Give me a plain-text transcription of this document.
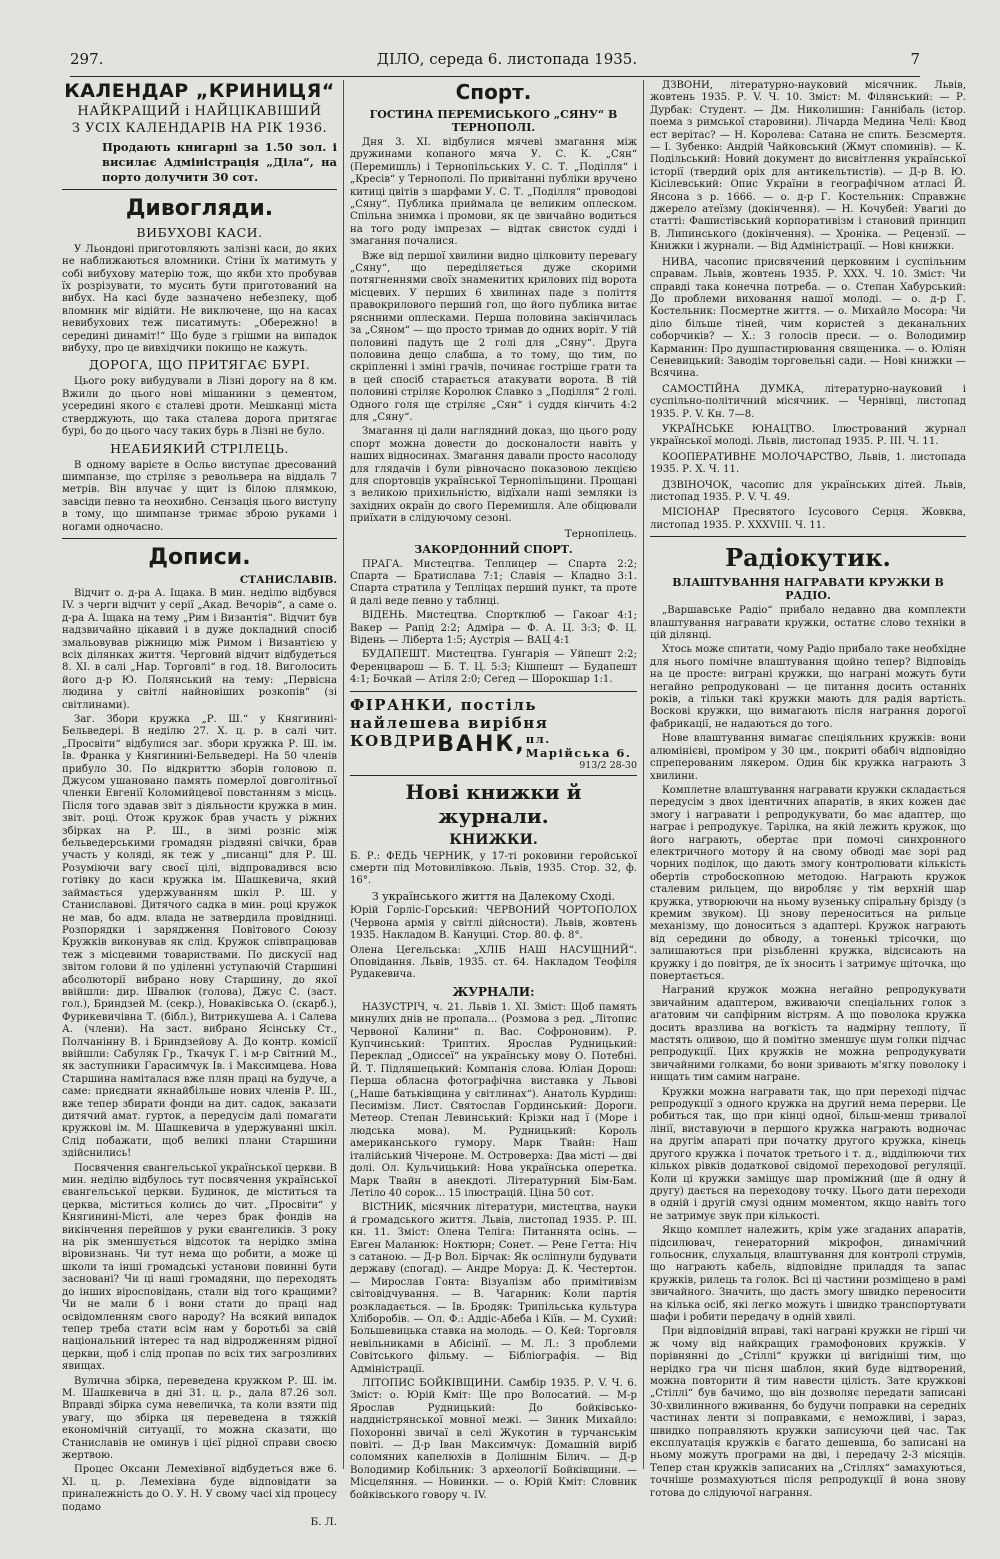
297.	ДІЛО, середа 6. листопада 1935.	7
КАЛЕНДАР „КРИНИЦЯ“
НАЙКРАЩИЙ і НАЙЦІКАВІШИЙ
З УСІХ КАЛЕНДАРІВ НА РІК 1936.
Продають книгарні за 1.50 зол. і висилає Адміністрація „Діла“, на порто долучити 30 сот.
Дивогляди.
ВИБУХОВІ КАСИ.

У Льондоні приготовляють залізні каси, до яких не наближаються вломники. Стіни їх матимуть у собі вибухову матерію тож, що якби хто пробував їх розрізувати, то мусить бути приготований на вибух. На касі буде зазначено небезпеку, щоб вломник міг відійти. Не виключене, що на касах невибухових теж писатимуть: „Обережно! в середині динаміт!“ Що буде з грішми на випадок вибуху, про це вивхідчики покищо не кажуть.

ДОРОГА, ЩО ПРИТЯГАЄ БУРІ.

Цього року вибудували в Лізні дорогу на 8 км. Вжили до цього нові мішанини з цементом, усередині якого є сталеві дроти. Мешканці міста стверджують, що така сталева дорога притягає бурі, бо до цього часу таких бурь в Лізні не було.

НЕАБИЯКИЙ СТРІЛЕЦЬ.

В одному варієте в Осльо виступає дресований шимпанзе, що стріляє з револьвера на віддаль 7 метрів. Він влучає у щит із білою плямкою, завсіди певно та неохибно. Сензація цього виступу в тому, що шимпанзе тримає зброю руками і ногами одночасно.

Дописи.
СТАНИСЛАВІВ.

Відчит о. д-ра А. Іщака. В мин. неділю відбувся IV. з черги відчит у серії „Акад. Вечорів“, а саме о. д-ра А. Іщака на тему „Рим і Византія“. Відчит був надзвичайно цікавий і в дуже докладний спосіб змальовував ріжницю між Римом і Византією у всіх ділянках життя. Черговий відчит відбудеться 8. XI. в салі „Нар. Торговлі“ в год. 18. Виголосить його д-р Ю. Полянський на тему: „Первісна людина у світлі найновіших розкопів“ (зі світлинами).

Заг. Збори кружка „Р. Ш.“ у Княгинині-Бельведері. В неділю 27. X. ц. р. в салі чит. „Просвіти“ відбулися заг. збори кружка Р. Ш. ім. Ів. Франка у Княгинині-Бельведері. На 50 членів прибуло 30. По відкриттю зборів головою п. Джусом ушановано память померлої довголітньої членки Евгенії Коломийцевої повстанням з місць. Після того здавав звіт з діяльности кружка в мин. звіт. році. Отож кружок брав участь у ріжних збірках на Р. Ш., в зимі розніс між бельведерськими громадян різдвяні свічки, брав участь у коляді, як теж у „писанці“ для Р. Ш. Розуміючи вагу своєї цілі, відпровадився всю готівку до каси кружка ім. Шашкевича, який займається удержуванням шкіл Р. Ш. у Станиславові. Дитячого садка в мин. році кружок не мав, бо адм. влада не затвердила провідниці. Розпорядки і зарядження Повітового Союзу Кружків виконував як слід. Кружок співпрацював теж з місцевими товариствами. По дискусії над звітом голови й по уділенні уступаючій Старшині абсолюторії вибрано нову Старшину, до якої ввійшли: дир. Швалюк (голова), Джус С. (заст. гол.), Бриндзей М. (секр.), Новаківська О. (скарб.), Фурикевичівна Т. (бібл.), Витрикушева А. і Салева А. (члени). На заст. вибрано Ясінську Ст., Полчанінну В. і Бриндзейову А. До контр. комісії ввійшли: Сабуляк Гр., Ткачук Г. і м-р Світний М., як заступники Гарасимчук Ів. і Максимцева. Нова Старшина наміталася вже плян праці на будуче, а саме: приєднати якнайбільше нових членів Р. Ш., вже тепер збирати фонди на дит. садок, заказати дитячий амат. гурток, а передусім далі помагати кружкові ім. М. Шашкевича в удержуванні шкіл. Слід побажати, щоб великі плани Старшини здійснились!

Посвячення євангельської української церкви. В мин. неділю відбулось тут посвячення української євангельської церкви. Будинок, де міститься та церква, міститься колись до чит. „Просвіти“ у Княгинині-Місті, але через брак фондів на викінчення перейшов у руки євангеликів. З року на рік зменшується відсоток та нерідко зміна віровизнань. Чи тут нема що робити, а може ці школи та інші громадські установи повинні бути засновані? Чи ці наші громадяни, що переходять до інших віросповідань, стали від того кращими? Чи не мали б і вони стати до праці над освідомленням свого народу? На всякий випадок тепер треба стати всім нам у боротьбі за свій національний інтерес та над відродженням рідної церкви, щоб і слід пропав по всіх тих загрозливих явищах.

Вулична збірка, переведена кружком Р. Ш. ім. М. Шашкевича в дні 31. ц. р., дала 87.26 зол. Вправді збірка сума невеличка, та коли взяти під увагу, що збірка ця переведена в тяжкій економічній ситуації, то можна сказати, що Станиславів не оминув і цієї рідної справи своєю жертвою.

Процес Оксани Лемехівної відбудеться вже 6. XI. ц. р. Лемехівна буде відповідати за приналежність до О. У. Н. У свому часі хід процесу подамо

Б. Л.
Спорт.
ГОСТИНА ПЕРЕМИСЬКОГО „СЯНУ“ В ТЕРНОПОЛІ.

Дня 3. XI. відбулися мячеві змагання між дружинами копаного мяча У. С. К. „Сян“ (Перемишль) і Тернопільських У. С. Т. „Поділля“ і „Кресів“ у Тернополі. По привітанні публіки вручено китиці цвітів з шарфами У. С. Т. „Поділля“ проводові „Сяну“. Публика приймала це великим оплеском. Спільна знимка і промови, як це звичайно водиться на того роду імпрезах — відтак свисток судді і змагання почалися.

Вже від першої хвилини видно цілковиту перевагу „Сяну“, що переділяється дуже скорими потягненнями своїх знаменитих крилових під ворота місцевих. У перших 6 хвилинах паде з поліття правокрилового перший гол, що його публика витає ряснними оплесками. Перша половина закінчилась за „Сяном“ — що просто тримав до одних воріт. У тій половині падуть ще 2 голі для „Сяну“. Друга половина дещо слабша, а то тому, що тим, по скріпленні і зміні грачів, починає гостріше грати та в цей спосіб старається атакувати ворота. В тій половині стріляє Королюк Славко з „Поділля“ 2 голі. Одного голя ще стріляє „Сян“ і суддя кінчить 4:2 для „Сяну“.

Змагання ці дали наглядний доказ, що цього роду спорт можна довести до досконалости навіть у наших відносинах. Змагання давали просто насолоду для глядачів і були рівночасно показовою лекцією для спортовців української Тернопільщини. Прощані з великою прихильністю, відїхали наші земляки із західних окраїн до свого Перемишля. Але обіцювали приїхати в слідуючому сезоні.

Тернопілець.
ЗАКОРДОННИЙ СПОРТ.

ПРАГА. Мистецтва. Теплицер — Спарта 2:2; Спарта — Братислава 7:1; Славія — Кладно 3:1. Спарта стратила у Тепліцах перший пункт, та проте й далі веде певно у таблиці.

ВІДЕНЬ. Мистецтва. Спортклюб — Гакоаг 4:1; Вакер — Рапід 2:2; Адміра — Ф. А. Ц. 3:3; Ф. Ц. Відень — Ліберта 1:5; Аустрія — ВАЦ 4:1

БУДАПЕШТ. Мистецтва. Гунгарія — Уйпешт 2:2; Ференцварош — Б. Т. Ц. 5:3; Кішпешт — Будапешт 4:1; Бочкай — Атіля 2:0; Сегед — Шорокшар 1:1.

ФІРАНКИ, постіль найлешева вирібня
КОВДРИ ВАНК, пл. Марійська 6.
913/2 28-30
Нові книжки й журнали.
КНИЖКИ.

Б. Р.: ФЕДЬ ЧЕРНИК, у 17-ті роковини геройської смерти під Мотовилівкою. Львів, 1935. Стор. 32, ф. 16°.

З українського життя на Далекому Сході.

Юрій Горліс-Горський: ЧЕРВОНИЙ ЧОРТОПОЛОХ (Червона армія у світлі дійсности). Львів, жовтень 1935. Накладом В. Кануциі. Стор. 80. ф. 8°.

Олена Цегельська: „ХЛІБ НАШ НАСУЩНИЙ“. Оповідання. Львів, 1935. ст. 64. Накладом Теофіля Рудакевича.

ЖУРНАЛИ:

НАЗУСТРІЧ, ч. 21. Львів 1. XI. Зміст: Щоб память минулих днів не пропала... (Розмова з ред. „Літопис Червоної Калини“ п. Вас. Софроновим). Р. Купчинський: Триптих. Ярослав Рудницький: Переклад „Одиссеї“ на українську мову О. Потебні. Й. Т. Підляшецький: Компанія слова. Юліан Дорош: Перша обласна фотографічна виставка у Львові („Наше батьківщина у світлинах“). Анатоль Курдиш: Песимізм. Лист. Святослав Гординський: Дороги. Метеор. Степан Левинський: Крізки над ї (Море і людська мова). М. Рудницький: Король американського гумору. Марк Твайн: Наш італійський Чічероне. М. Островерха: Два місті — дві долі. Ол. Кульчицький: Нова українська оперетка. Марк Твайн в анекдоті. Літературний Бім-Бам. Летіло 40 сорок... 15 ілюстрацій. Ціна 50 сот.

ВІСТНИК, місячник літератури, мистецтва, науки й громадського життя. Львів, листопад 1935. Р. III. кн. 11. Зміст: Олена Теліга: Питаннята осінь. — Евген Маланюк: Ноктюрн; Сонет. — Рене Гетта: Ніч з сатаною. — Д-р Вол. Бірчак: Як осліпнули будувати державу (спогад). — Андре Моруа: Д. К. Честертон. — Мирослав Гонта: Візуалізм або примітивізм світовідчування. — В. Чагарник: Коли партія розкладається. — Ів. Бродяк: Трипільська культура Хліборобів. — Ол. Ф.: Аддіс-Абеба і Кіїв. — М. Сухий: Большевицька ставка на молодь. — О. Кей: Торговля невільниками в Абісінії. — М. Л.: З проблеми Совітського фільму. — Бібліографія. — Від Адміністрації.

ЛІТОПИС БОЙКІВЩИНИ. Самбір 1935. Р. V. Ч. 6. Зміст: о. Юрій Кміт: Ще про Волосатий. — М-р Ярослав Рудницький: До бойківсько-наддністрянської мовної межі. — Зиник Михайло: Похоронні звичаї в селі Жукотин в турчанськім повіті. — Д-р Іван Максимчук: Домашній виріб соломяних капелюхів в Долішнім Білич. — Д-р Володимир Кобільник: З археології Бойківщини. — Місцеляння. — Новинки. — о. Юрій Кміт: Словник бойківського говору ч. IV.

ДЗВОНИ, літературно-науковий місячник. Львів, жовтень 1935. Р. V. Ч. 10. Зміст: М. Філянський: — Р. Дурбак: Студент. — Дм. Николишин: Ганнібаль (істор. поема з римської старовини). Лічарда Медина Челі: Квод ест верітас? — Н. Королева: Сатана не спить. Безсмертя. — І. Зубенко: Андрій Чайковський (Жмут споминів). — К. Подільський: Новий документ до висвітлення української історії (твердий оріх для антикельтистів). — Д-р В. Ю. Кісілевський: Опис України в географічном атласі Й. Янсона з р. 1666. — о. д-р Г. Костельник: Справжнє джерело атеїзму (докінчення). — Н. Кочубей: Увагиі до статті: Фашистівський корпоративізм і становий принцип В. Липинського (докінчення). — Хроніка. — Рецензії. — Книжки і журнали. — Від Адміністрації. — Нові книжки.

НИВА, часопис присвячений церковним і суспільним справам. Львів, жовтень 1935. Р. XXX. Ч. 10. Зміст: Чи справді така конечна потреба. — о. Степан Хабурський: До проблеми виховання нашої молоді. — о. д-р Г. Костельник: Посмертне життя. — о. Михайло Мосора: Чи діло більше тіней, чим користей з деканальних соборчиків? — Х.: З голосів преси. — о. Володимир Карманин: Про душпастирювання священика. — о. Юліян Сеневицький: Заводім торговельні сади. — Нові книжки — Всячина.

САМОСТІЙНА ДУМКА, літературно-науковий і суспільно-політичний місячник. — Чернівці, листопад 1935. Р. V. Кн. 7—8.

УКРАЇНСЬКЕ ЮНАЦТВО. Ілюстрований журнал української молоді. Львів, листопад 1935. Р. III. Ч. 11.

КООПЕРАТИВНЕ МОЛОЧАРСТВО, Львів, 1. листопада 1935. Р. X. Ч. 11.

ДЗВІНОЧОК, часопис для українських дітей. Львів, листопад 1935. Р. V. Ч. 49.

МІСІОНАР Пресвятого Ісусового Серця. Жовква, листопад 1935. Р. XXXVIII. Ч. 11.

Радіокутик.
ВЛАШТУВАННЯ НАГРАВАТИ КРУЖКИ В РАДІО.

„Варшавське Радіо“ прибало недавно два комплекти влаштування награвати кружки, остатнє слово техніки в цій ділянці.

Хтось може спитати, чому Радіо прибало таке необхідне для нього помічне влаштування щойно тепер? Відповідь на це просте: виграні кружки, що награні можуть бути негайно репродуковані — це питання досить останніх років, а тільки такі кружки мають для радія вартість. Воскові кружки, що вимагають після награння дорогої фабрикації, не надаються до того.

Нове влаштування вимагає спеціяльних кружків: вони алюмінієві, проміром у 30 цм., покриті обабіч відповідно спреперованим лякером. Один бік кружка награють 3 хвилини.

Комплетне влаштування награвати кружки складається передусім з двох ідентичних апаратів, в яких кожен дає змогу і награвати і репродукувати, бо має адаптер, що награє і репродукує. Тарілка, на якій лежить кружок, що його награють, обертає при помочі синхронного електричного мотору й на свому обводі має зорі рад чорних поділок, що дають змогу контролювати кількість обертів стробоскопною методою. Награють кружок сталевим рильцем, що виробляє у тім верхній шар кружка, утворюючи на ньому вузеньку спіральну брізду (з кремим звуком). Ці знову переноситься на рильце механізму, що доноситься з адаптері. Кружок награють від середини до обводу, а тоненькі трісочки, що залишаються при різьбленні кружка, відсисають на кружку і до повітря, де їх зносить і затримує щіточка, що повертається.

Награний кружок можна негайно репродукувати звичайним адаптером, вживаючи спеціальних голок з агатовим чи сапфірним вістрям. А що поволока кружка досить вразлива на вогкість та надмірну теплоту, її мастять оливою, що й помітно зменшує шум голки підчас репродукції. Цих кружків не можна репродукувати звичайними голками, бо вони зривають м'ягку поволоку і нищать тим самим награне.

Кружки можна награвати так, що при переході підчас репродукції з одного кружка на другий нема перерви. Це робиться так, що при кінці одної, більш-менш тривалої лінії, виставуючи в першого кружка награють водночас на другім апараті при початку другого кружка, кінець другого кружка і початок третього і т. д., відділюючи тих кількох рівків додаткової свідомої переходової регуляції. Коли ці кружки заміщує шар проміжний (ще й одну й другу) дається на переходову точку. Цього дати переходи в одній і другій смузі одним моментом, якщо навіть того не затримує звук при кількості.

Якщо комплет належить, крім уже згаданих апаратів, підсилювач, генераторний мікрофон, динамічний гольосник, слухальця, влаштування для контролі струмів, що награють кабель, відповідне приладдя та запас кружків, рилець та голок. Всі ці частини розміщено в рамі звичайного. Значить, що дасть змогу швидко переносити на кілька осіб, які легко можуть і швидко транспортувати шафи і робити передачу в одній хвилі.

При відповідній вправі, такі награні кружки не гірші чи ж чому від найкращих грамофонових кружків. У порівнянні до „Стіллі“ кружки ці вигідніші тим, що нерідко гра чи пісня шаблон, який буде відтворений, можна повторити й тим навести цілість. Зате кружкові „Стіллі“ був бачимо, що він дозволяє передати записані 30-хвилинного вживання, бо будучи поправки на середніх частинах ленти зі поправками, є неможливі, і зараз, швидко поправляють кружки записуючи цей час. Так експлуатація кружків є багато дешевша, бо записані на ньому можуть програми на дві, і передачу 2-3 місяців. Тепер стан кружків записаних на „Стіллях“ замахуються, точніше розмахуються після репродукції й вона знову готова до слідуючої награння.
